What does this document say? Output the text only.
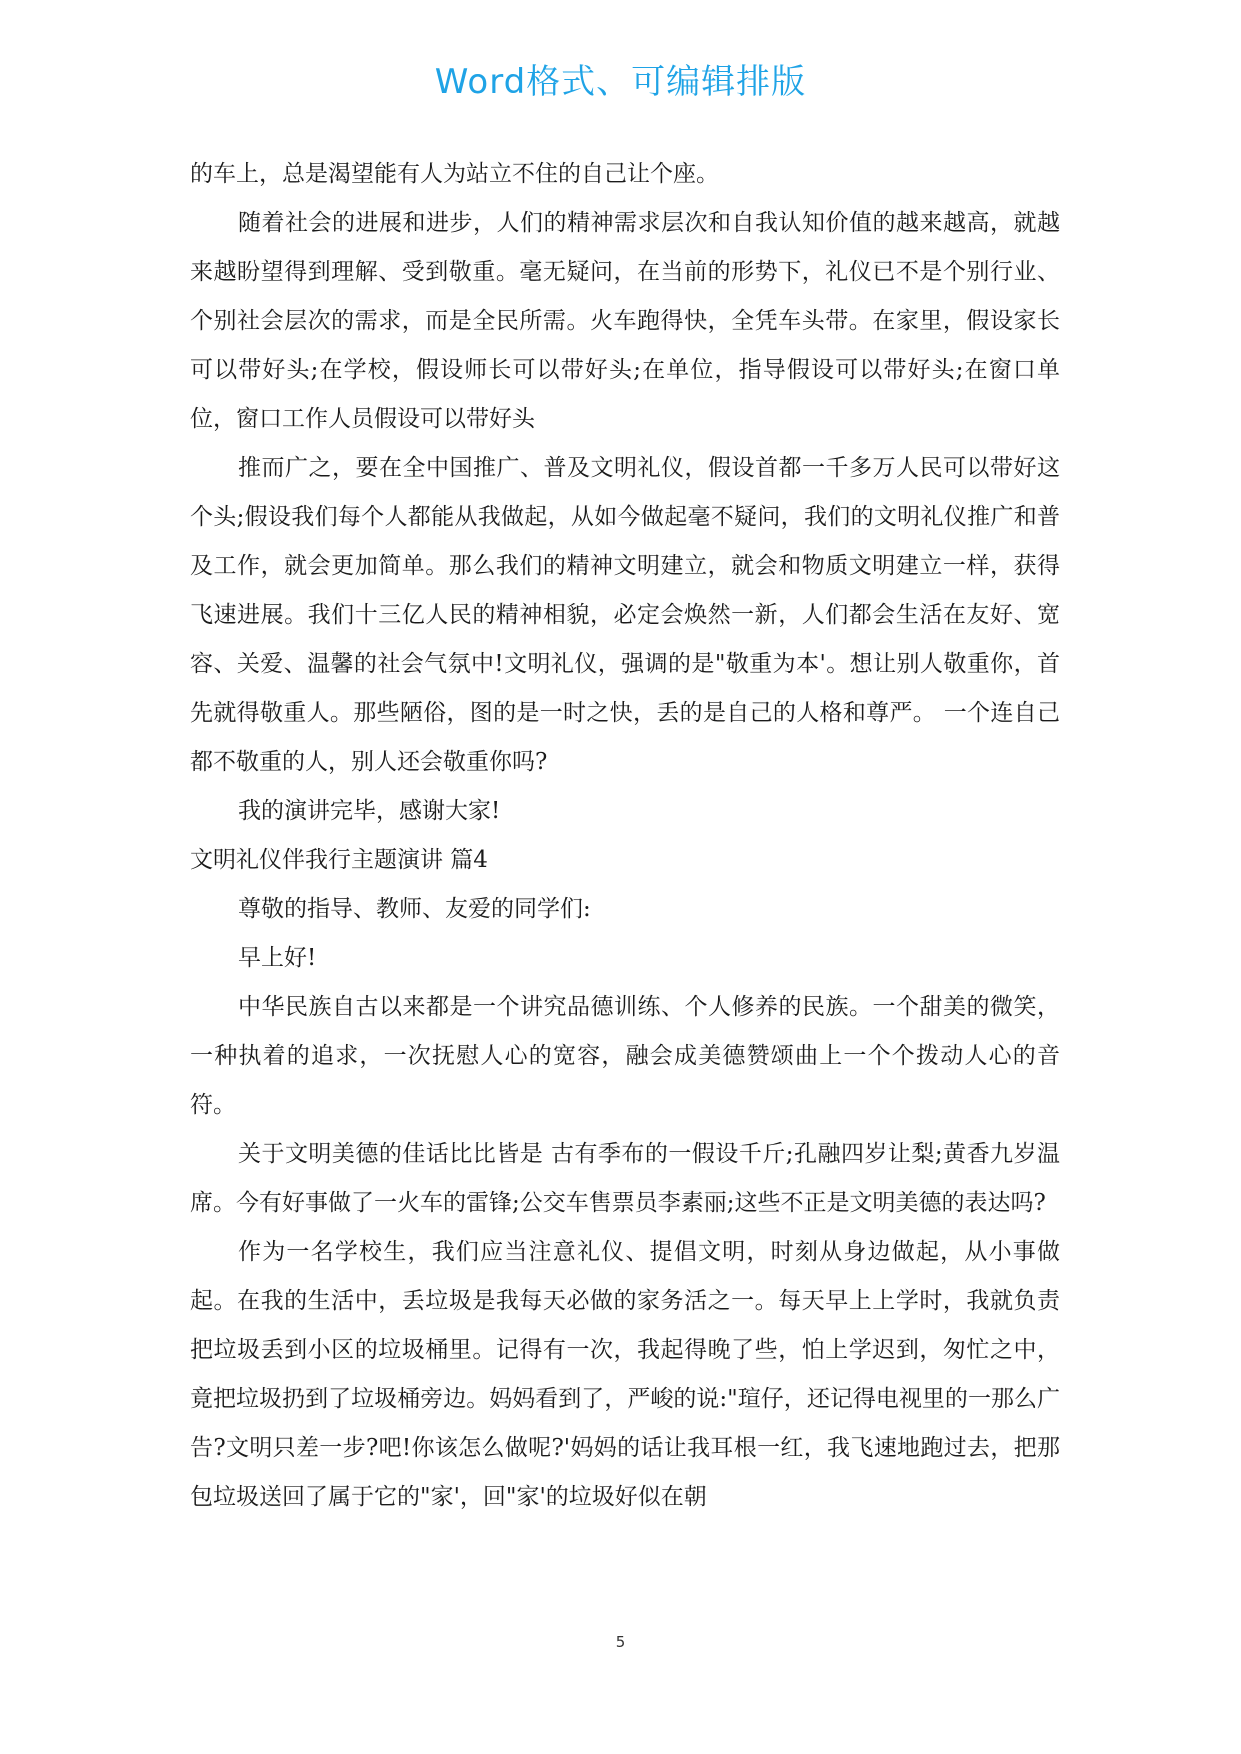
Word格式、可编辑排版

的车上，总是渴望能有人为站立不住的自己让个座。

随着社会的进展和进步，人们的精神需求层次和自我认知价值的越来越高，就越来越盼望得到理解、受到敬重。毫无疑问，在当前的形势下，礼仪已不是个别行业、个别社会层次的需求，而是全民所需。火车跑得快，全凭车头带。在家里，假设家长可以带好头;在学校，假设师长可以带好头;在单位，指导假设可以带好头;在窗口单位，窗口工作人员假设可以带好头

推而广之，要在全中国推广、普及文明礼仪，假设首都一千多万人民可以带好这个头;假设我们每个人都能从我做起，从如今做起毫不疑问，我们的文明礼仪推广和普及工作，就会更加简单。那么我们的精神文明建立，就会和物质文明建立一样，获得飞速进展。我们十三亿人民的精神相貌，必定会焕然一新，人们都会生活在友好、宽容、关爱、温馨的社会气氛中!文明礼仪，强调的是"敬重为本'。想让别人敬重你，首先就得敬重人。那些陋俗，图的是一时之快，丢的是自己的人格和尊严。 一个连自己都不敬重的人，别人还会敬重你吗?

我的演讲完毕，感谢大家!

文明礼仪伴我行主题演讲 篇4

尊敬的指导、教师、友爱的同学们:

早上好!

中华民族自古以来都是一个讲究品德训练、个人修养的民族。一个甜美的微笑，一种执着的追求，一次抚慰人心的宽容，融会成美德赞颂曲上一个个拨动人心的音符。

关于文明美德的佳话比比皆是 古有季布的一假设千斤;孔融四岁让梨;黄香九岁温席。今有好事做了一火车的雷锋;公交车售票员李素丽;这些不正是文明美德的表达吗?

作为一名学校生，我们应当注意礼仪、提倡文明，时刻从身边做起，从小事做起。在我的生活中，丢垃圾是我每天必做的家务活之一。每天早上上学时，我就负责把垃圾丢到小区的垃圾桶里。记得有一次，我起得晚了些，怕上学迟到，匆忙之中，竟把垃圾扔到了垃圾桶旁边。妈妈看到了，严峻的说:"瑄仔，还记得电视里的一那么广告?文明只差一步?吧!你该怎么做呢?'妈妈的话让我耳根一红，我飞速地跑过去，把那包垃圾送回了属于它的"家'，回"家'的垃圾好似在朝

5
